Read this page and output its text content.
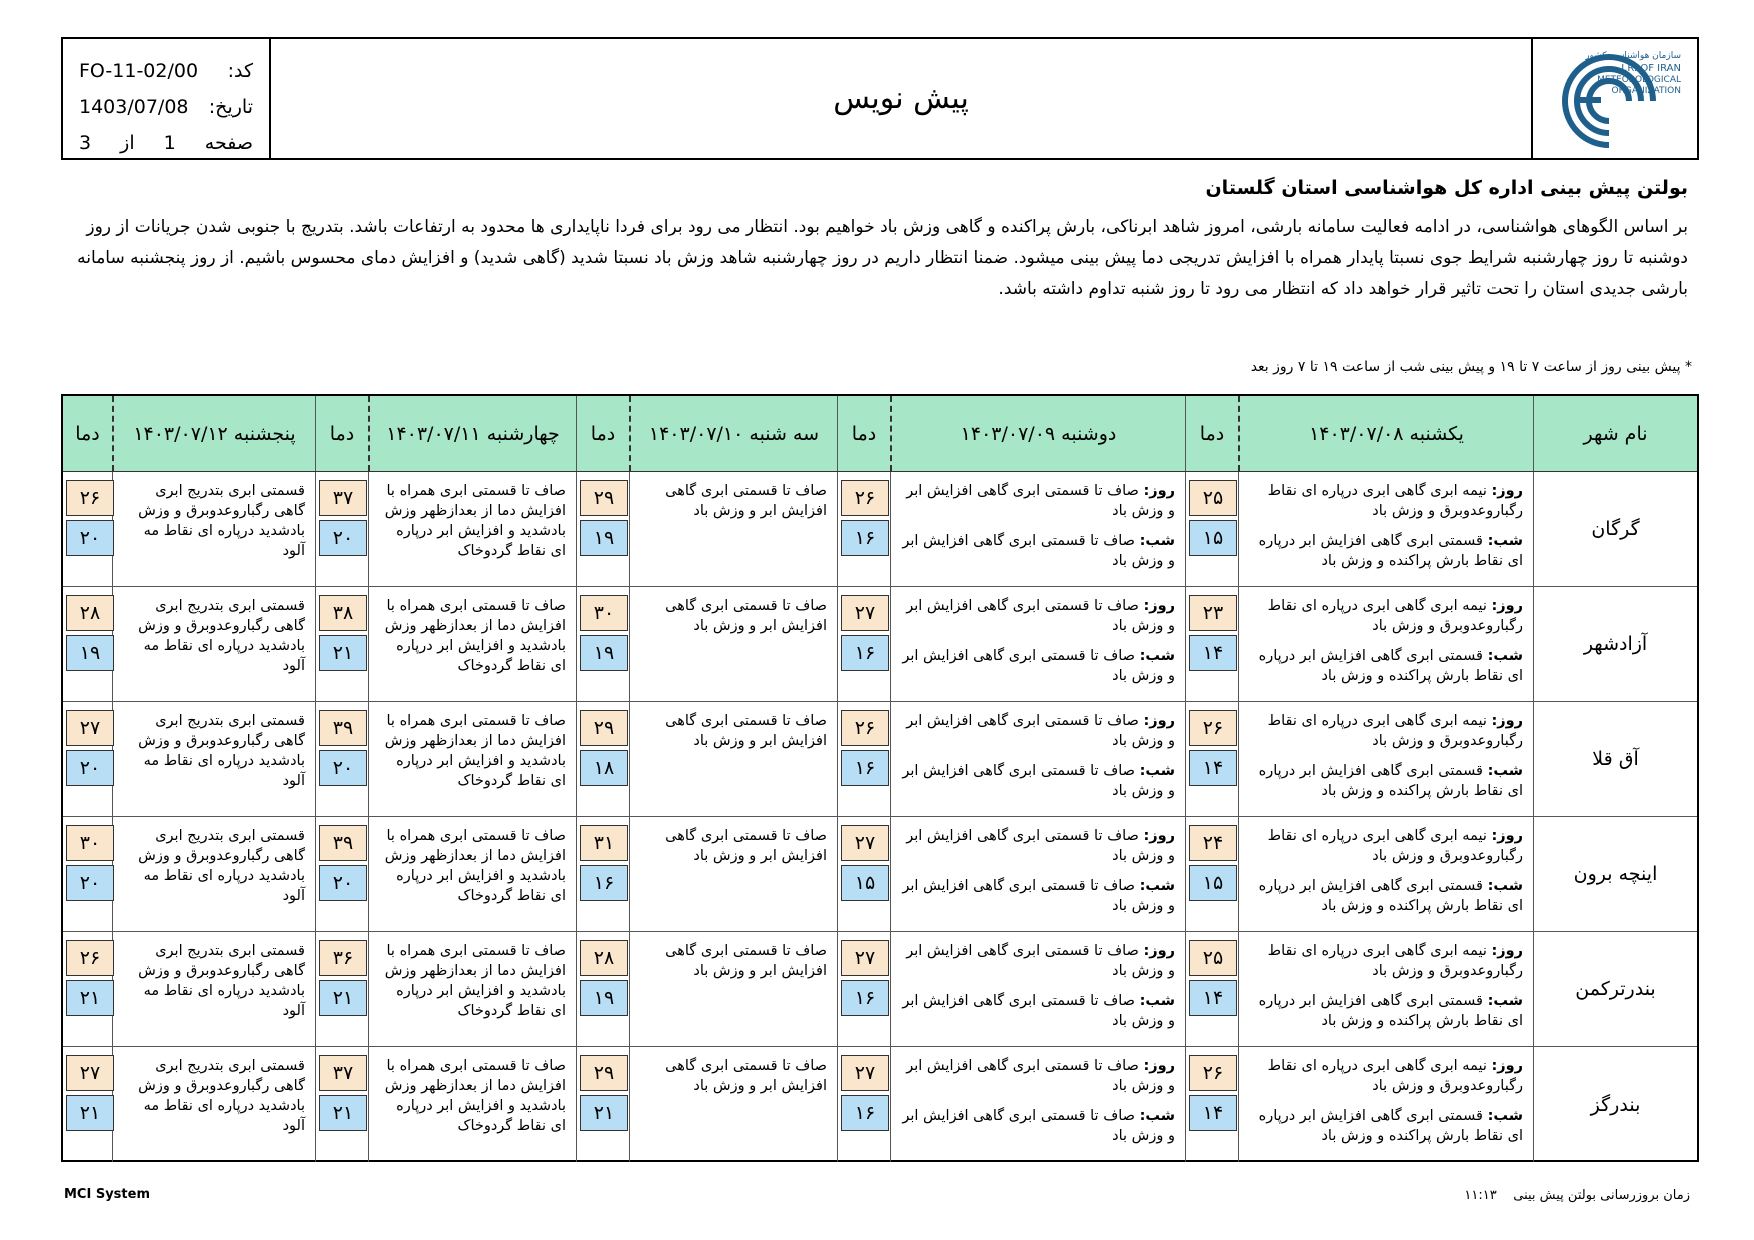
FO-11-02/00 کد:
1403/07/08 تاریخ:
صفحه
1
از
3
پیش نویس
سازمان هواشناسی کشور
I.R. OF IRAN
METEOROLOGICAL
ORGANIZATION
بولتن پیش بینی اداره کل هواشناسی استان گلستان
بر اساس الگوهای هواشناسی، در ادامه فعالیت سامانه بارشی، امروز شاهد ابرناکی، بارش پراکنده و گاهی وزش باد خواهیم بود. انتظار می رود برای فردا ناپایداری ها محدود به ارتفاعات باشد. بتدریج با جنوبی شدن جریانات از روز دوشنبه تا روز چهارشنبه شرایط جوی نسبتا پایدار همراه با افزایش تدریجی دما پیش بینی میشود. ضمنا انتظار داریم در روز چهارشنبه شاهد وزش باد نسبتا شدید (گاهی شدید) و افزایش دمای محسوس باشیم. از روز پنجشنبه سامانه بارشی جدیدی استان را تحت تاثیر قرار خواهد داد که انتظار می رود تا روز شنبه تداوم داشته باشد.
* پیش بینی روز از ساعت ۷ تا ۱۹ و پیش بینی شب از ساعت ۱۹ تا ۷ روز بعد
نام شهر
یکشنبه ۱۴۰۳/۰۷/۰۸
دما
دوشنبه ۱۴۰۳/۰۷/۰۹
دما
سه شنبه ۱۴۰۳/۰۷/۱۰
دما
چهارشنبه ۱۴۰۳/۰۷/۱۱
دما
پنجشنبه ۱۴۰۳/۰۷/۱۲
دما
گرگان
روز: نیمه ابری گاهی ابری درپاره ای نقاط رگباروعدوبرق و وزش باد
شب: قسمتی ابری گاهی افزایش ابر درپاره ای نقاط بارش پراکنده و وزش باد
۲۵
۱۵
روز: صاف تا قسمتی ابری گاهی افزایش ابر و وزش باد
شب: صاف تا قسمتی ابری گاهی افزایش ابر و وزش باد
۲۶
۱۶
صاف تا قسمتی ابری گاهی افزایش ابر و وزش باد
۲۹
۱۹
صاف تا قسمتی ابری همراه با افزایش دما از بعدازظهر وزش بادشدید و افزایش ابر درپاره ای نقاط گردوخاک
۳۷
۲۰
قسمتی ابری بتدریج ابری گاهی رگباروعدوبرق و وزش بادشدید درپاره ای نقاط مه آلود
۲۶
۲۰
آزادشهر
روز: نیمه ابری گاهی ابری درپاره ای نقاط رگباروعدوبرق و وزش باد
شب: قسمتی ابری گاهی افزایش ابر درپاره ای نقاط بارش پراکنده و وزش باد
۲۳
۱۴
روز: صاف تا قسمتی ابری گاهی افزایش ابر و وزش باد
شب: صاف تا قسمتی ابری گاهی افزایش ابر و وزش باد
۲۷
۱۶
صاف تا قسمتی ابری گاهی افزایش ابر و وزش باد
۳۰
۱۹
صاف تا قسمتی ابری همراه با افزایش دما از بعدازظهر وزش بادشدید و افزایش ابر درپاره ای نقاط گردوخاک
۳۸
۲۱
قسمتی ابری بتدریج ابری گاهی رگباروعدوبرق و وزش بادشدید درپاره ای نقاط مه آلود
۲۸
۱۹
آق قلا
روز: نیمه ابری گاهی ابری درپاره ای نقاط رگباروعدوبرق و وزش باد
شب: قسمتی ابری گاهی افزایش ابر درپاره ای نقاط بارش پراکنده و وزش باد
۲۶
۱۴
روز: صاف تا قسمتی ابری گاهی افزایش ابر و وزش باد
شب: صاف تا قسمتی ابری گاهی افزایش ابر و وزش باد
۲۶
۱۶
صاف تا قسمتی ابری گاهی افزایش ابر و وزش باد
۲۹
۱۸
صاف تا قسمتی ابری همراه با افزایش دما از بعدازظهر وزش بادشدید و افزایش ابر درپاره ای نقاط گردوخاک
۳۹
۲۰
قسمتی ابری بتدریج ابری گاهی رگباروعدوبرق و وزش بادشدید درپاره ای نقاط مه آلود
۲۷
۲۰
اینچه برون
روز: نیمه ابری گاهی ابری درپاره ای نقاط رگباروعدوبرق و وزش باد
شب: قسمتی ابری گاهی افزایش ابر درپاره ای نقاط بارش پراکنده و وزش باد
۲۴
۱۵
روز: صاف تا قسمتی ابری گاهی افزایش ابر و وزش باد
شب: صاف تا قسمتی ابری گاهی افزایش ابر و وزش باد
۲۷
۱۵
صاف تا قسمتی ابری گاهی افزایش ابر و وزش باد
۳۱
۱۶
صاف تا قسمتی ابری همراه با افزایش دما از بعدازظهر وزش بادشدید و افزایش ابر درپاره ای نقاط گردوخاک
۳۹
۲۰
قسمتی ابری بتدریج ابری گاهی رگباروعدوبرق و وزش بادشدید درپاره ای نقاط مه آلود
۳۰
۲۰
بندرترکمن
روز: نیمه ابری گاهی ابری درپاره ای نقاط رگباروعدوبرق و وزش باد
شب: قسمتی ابری گاهی افزایش ابر درپاره ای نقاط بارش پراکنده و وزش باد
۲۵
۱۴
روز: صاف تا قسمتی ابری گاهی افزایش ابر و وزش باد
شب: صاف تا قسمتی ابری گاهی افزایش ابر و وزش باد
۲۷
۱۶
صاف تا قسمتی ابری گاهی افزایش ابر و وزش باد
۲۸
۱۹
صاف تا قسمتی ابری همراه با افزایش دما از بعدازظهر وزش بادشدید و افزایش ابر درپاره ای نقاط گردوخاک
۳۶
۲۱
قسمتی ابری بتدریج ابری گاهی رگباروعدوبرق و وزش بادشدید درپاره ای نقاط مه آلود
۲۶
۲۱
بندرگز
روز: نیمه ابری گاهی ابری درپاره ای نقاط رگباروعدوبرق و وزش باد
شب: قسمتی ابری گاهی افزایش ابر درپاره ای نقاط بارش پراکنده و وزش باد
۲۶
۱۴
روز: صاف تا قسمتی ابری گاهی افزایش ابر و وزش باد
شب: صاف تا قسمتی ابری گاهی افزایش ابر و وزش باد
۲۷
۱۶
صاف تا قسمتی ابری گاهی افزایش ابر و وزش باد
۲۹
۲۱
صاف تا قسمتی ابری همراه با افزایش دما از بعدازظهر وزش بادشدید و افزایش ابر درپاره ای نقاط گردوخاک
۳۷
۲۱
قسمتی ابری بتدریج ابری گاهی رگباروعدوبرق و وزش بادشدید درپاره ای نقاط مه آلود
۲۷
۲۱
MCI System	زمان بروزرسانی بولتن پیش بینی    ۱۱:۱۳
